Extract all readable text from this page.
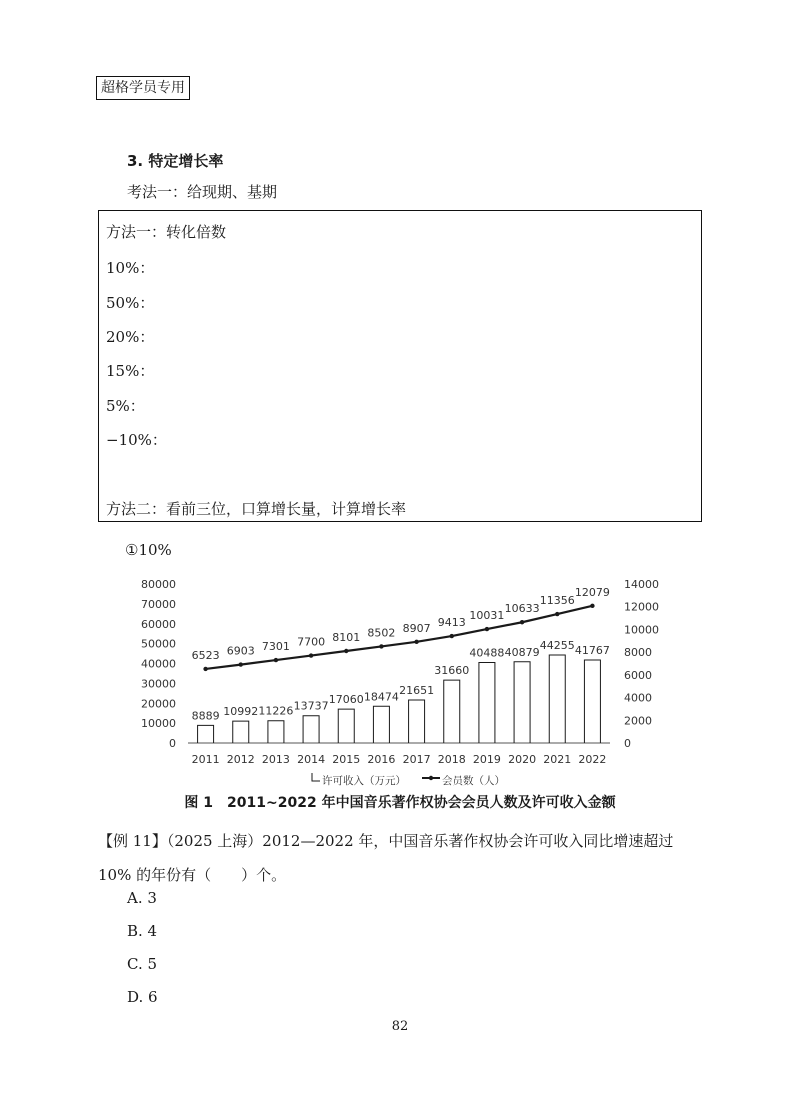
超格学员专用
3. 特定增长率
考法一：给现期、基期
方法一：转化倍数
10%：
50%：
20%：
15%：
5%：
−10%：
方法二：看前三位，口算增长量，计算增长率
①10%
0
10000
20000
30000
40000
50000
60000
70000
80000
0
2000
4000
6000
8000
10000
12000
14000
8889 10992 11226 13737
17060 18474 21651
31660
40488 40879
44255 41767
6523 6903 7301 7700 8101 8502 8907 9413
10031
10633
11356
12079
2011 2012 2013 2014 2015 2016 2017 2018 2019 2020 2021 2022
许可收入（万元）	会员数（人）
图 1　2011~2022 年中国音乐著作权协会会员人数及许可收入金额
【例 11】（2025 上海）2012—2022 年，中国音乐著作权协会许可收入同比增速超过 10% 的年份有（　　）个。
A. 3
B. 4
C. 5
D. 6
82
